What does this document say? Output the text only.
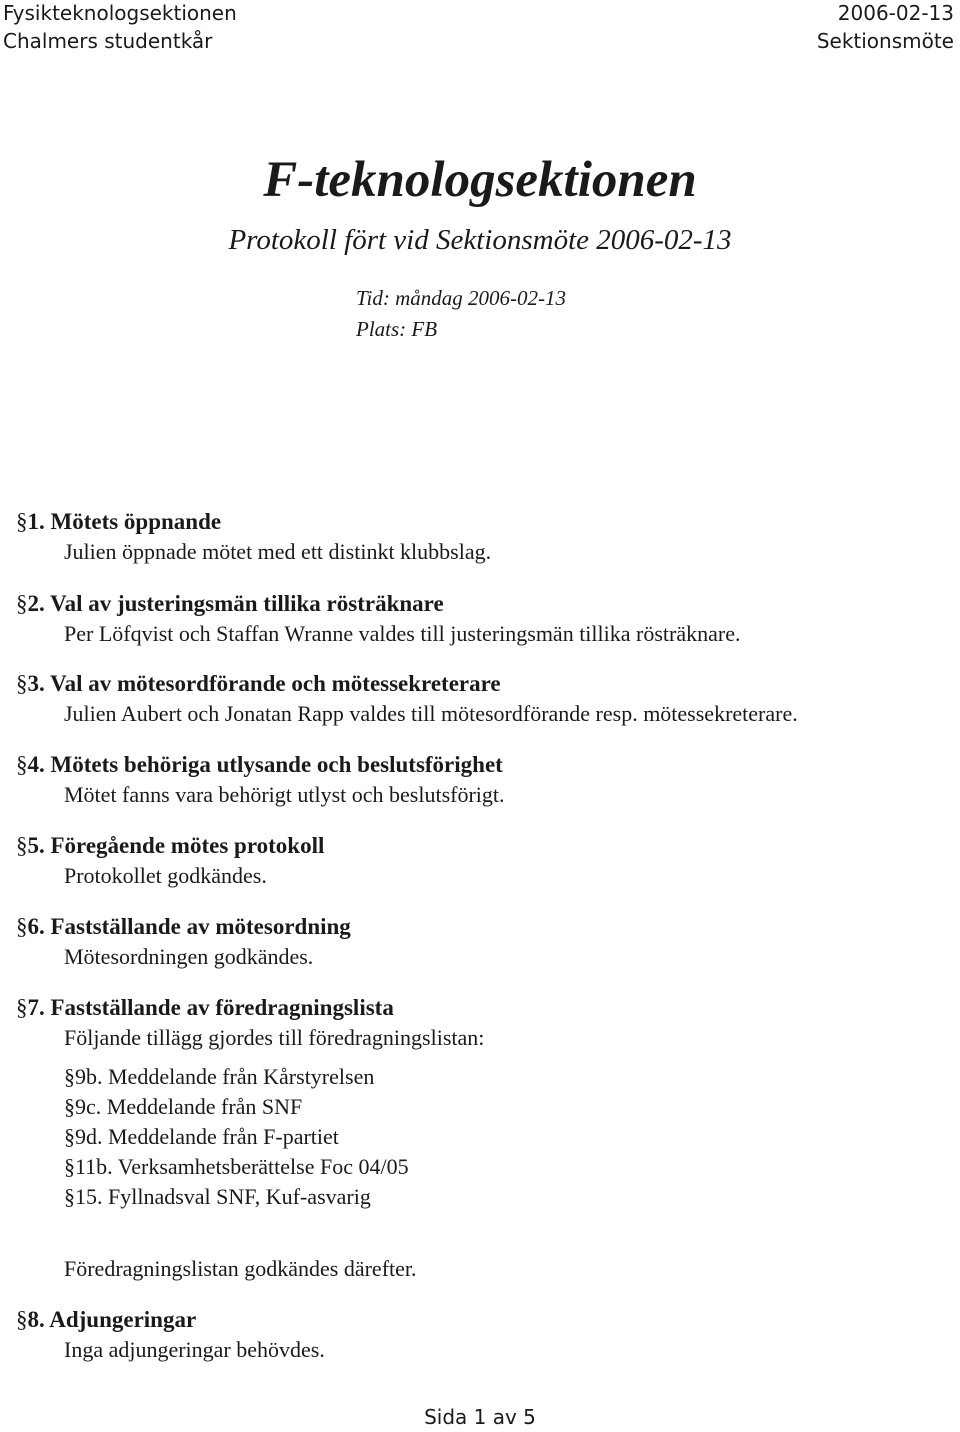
Fysikteknologsektionen
Chalmers studentkår
2006-02-13
Sektionsmöte
F-teknologsektionen
Protokoll fört vid Sektionsmöte 2006-02-13
Tid: måndag 2006-02-13
Plats: FB
§1. Mötets öppnande
Julien öppnade mötet med ett distinkt klubbslag.
§2. Val av justeringsmän tillika rösträknare
Per Löfqvist och Staffan Wranne valdes till justeringsmän tillika rösträknare.
§3. Val av mötesordförande och mötessekreterare
Julien Aubert och Jonatan Rapp valdes till mötesordförande resp. mötessekreterare.
§4. Mötets behöriga utlysande och beslutsförighet
Mötet fanns vara behörigt utlyst och beslutsförigt.
§5. Föregående mötes protokoll
Protokollet godkändes.
§6. Fastställande av mötesordning
Mötesordningen godkändes.
§7. Fastställande av föredragningslista
Följande tillägg gjordes till föredragningslistan:
§9b. Meddelande från Kårstyrelsen
§9c. Meddelande från SNF
§9d. Meddelande från F-partiet
§11b. Verksamhetsberättelse Foc 04/05
§15. Fyllnadsval SNF, Kuf-asvarig
Föredragningslistan godkändes därefter.
§8. Adjungeringar
Inga adjungeringar behövdes.
Sida 1 av 5
